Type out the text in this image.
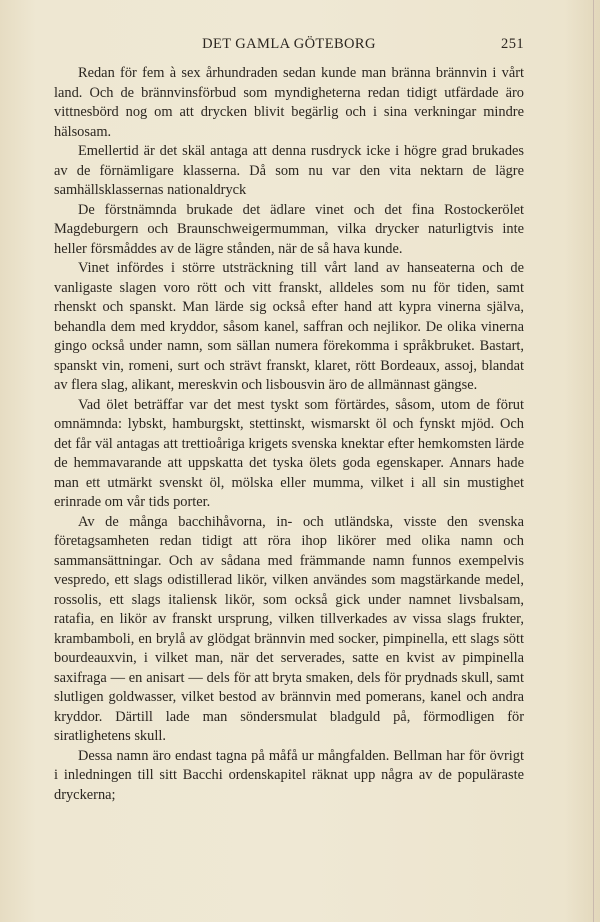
DET GAMLA GÖTEBORG	251

Redan för fem à sex århundraden sedan kunde man bränna brännvin i vårt land. Och de brännvinsförbud som myndigheterna redan tidigt utfärdade äro vittnesbörd nog om att drycken blivit begärlig och i sina verkningar mindre hälsosam.

Emellertid är det skäl antaga att denna rusdryck icke i högre grad brukades av de förnämligare klasserna. Då som nu var den vita nektarn de lägre samhällsklassernas nationaldryck

De förstnämnda brukade det ädlare vinet och det fina Rostockerölet Magdeburgern och Braunschweigermumman, vilka drycker naturligtvis inte heller försmåddes av de lägre stånden, när de så hava kunde.

Vinet infördes i större utsträckning till vårt land av hanseaterna och de vanligaste slagen voro rött och vitt franskt, alldeles som nu för tiden, samt rhenskt och spanskt. Man lärde sig också efter hand att kypra vinerna själva, behandla dem med kryddor, såsom kanel, saffran och nejlikor. De olika vinerna gingo också under namn, som sällan numera förekomma i språkbruket. Bastart, spanskt vin, romeni, surt och strävt franskt, klaret, rött Bordeaux, assoj, blandat av flera slag, alikant, mereskvin och lisbousvin äro de allmännast gängse.

Vad ölet beträffar var det mest tyskt som förtärdes, såsom, utom de förut omnämnda: lybskt, hamburgskt, stettinskt, wismarskt öl och fynskt mjöd. Och det får väl antagas att trettioåriga krigets svenska knektar efter hemkomsten lärde de hemmavarande att uppskatta det tyska ölets goda egenskaper. Annars hade man ett utmärkt svenskt öl, mölska eller mumma, vilket i all sin mustighet erinrade om vår tids porter.

Av de många bacchihåvorna, in- och utländska, visste den svenska företagsamheten redan tidigt att röra ihop likörer med olika namn och sammansättningar. Och av sådana med främmande namn funnos exempelvis vespredo, ett slags odistillerad likör, vilken användes som magstärkande medel, rossolis, ett slags italiensk likör, som också gick under namnet livsbalsam, ratafia, en likör av franskt ursprung, vilken tillverkades av vissa slags frukter, krambamboli, en brylå av glödgat brännvin med socker, pimpinella, ett slags sött bourdeauxvin, i vilket man, när det serverades, satte en kvist av pimpinella saxifraga — en anisart — dels för att bryta smaken, dels för prydnads skull, samt slutligen goldwasser, vilket bestod av brännvin med pomerans, kanel och andra kryddor. Därtill lade man söndersmulat bladguld på, förmodligen för siratlighetens skull.

Dessa namn äro endast tagna på måfå ur mångfalden. Bellman har för övrigt i inledningen till sitt Bacchi ordenskapitel räknat upp några av de populäraste dryckerna;
